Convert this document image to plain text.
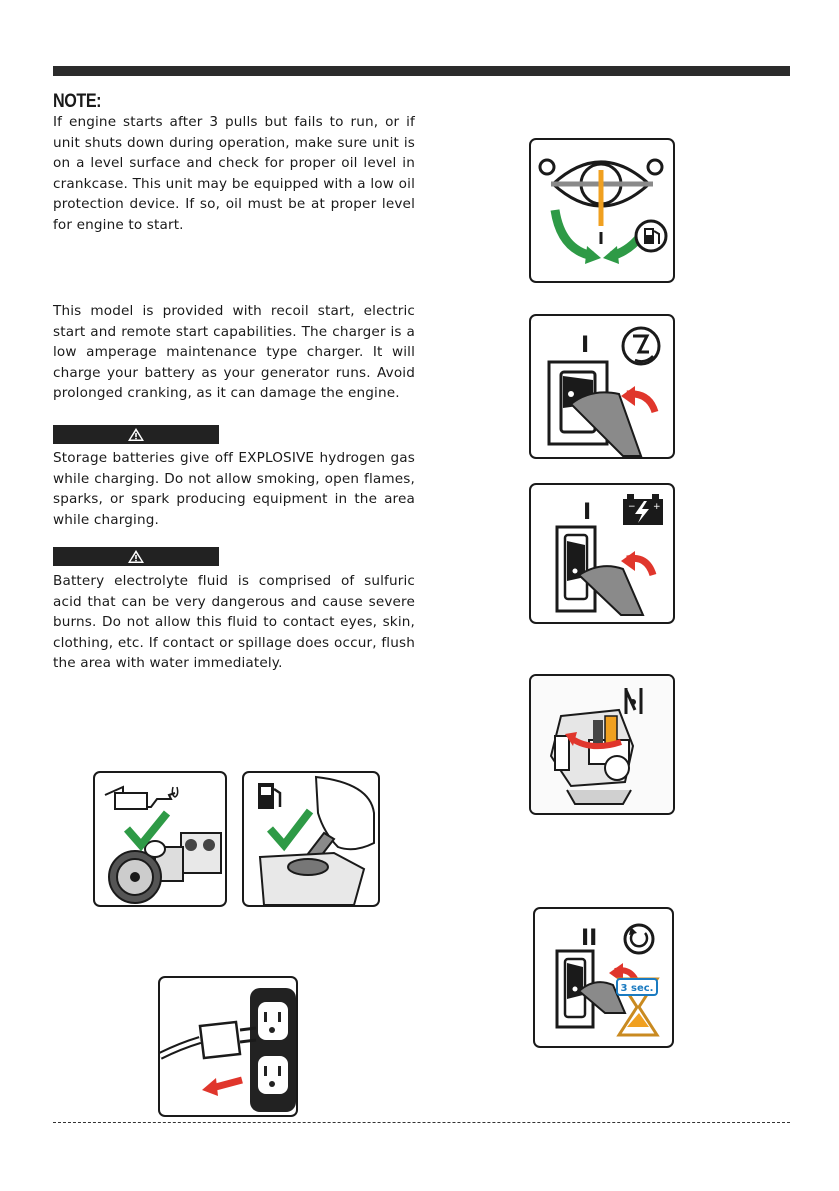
NOTE:

If engine starts after 3 pulls but fails to run, or if unit shuts down during operation, make sure unit is on a level surface and check for proper oil level in crankcase. This unit may be equipped with a low oil protection device. If so, oil must be at proper level for engine to start.

This model is provided with recoil start, electric start and remote start capabilities. The charger is a low amperage maintenance type charger. It will charge your battery as your generator runs. Avoid prolonged cranking, as it can damage the engine.

Storage batteries give off EXPLOSIVE hydrogen gas while charging. Do not allow smoking, open flames, sparks, or spark producing equipment in the area while charging.

Battery electrolyte fluid is comprised of sulfuric acid that can be very dangerous and cause severe burns. Do not allow this fluid to contact eyes, skin, clothing, etc. If contact or spillage does occur, flush the area with water immediately.

I
I	− +
II
3 sec.
